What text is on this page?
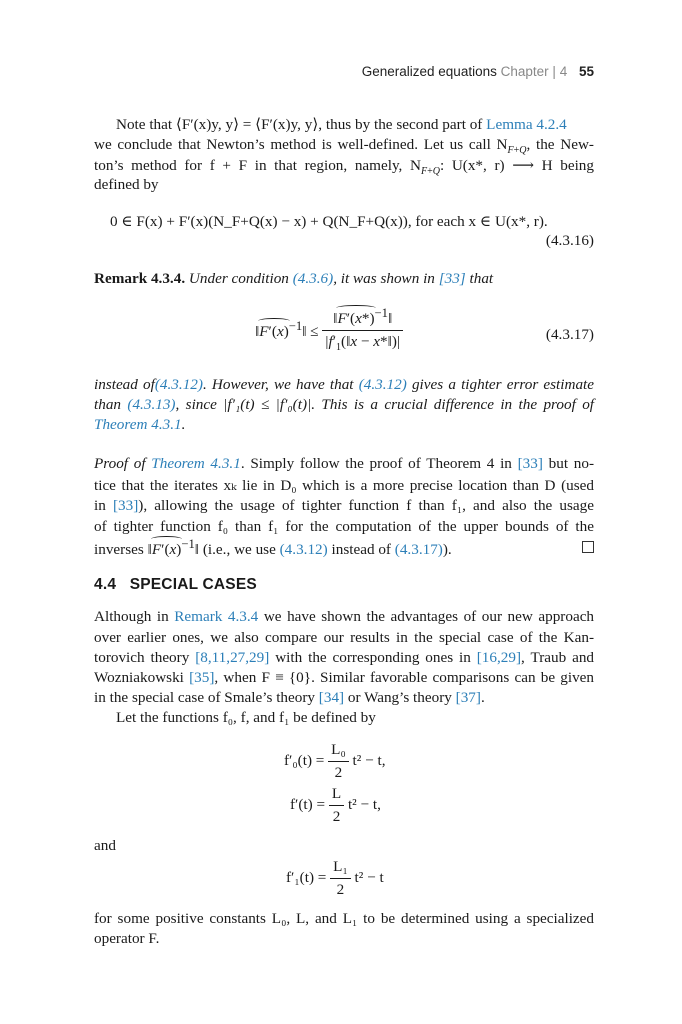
Generalized equations Chapter | 4 55
Note that ⟨F′(x)y, y⟩ = ⟨F′(x)y, y⟩, thus by the second part of Lemma 4.2.4
we conclude that Newton’s method is well-defined. Let us call $N_{F+Q}$, the New-
ton’s method for f + F in that region, namely, $N_{F+Q}$: U(x*, r) ⟶ H being
defined by
0 ∈ F(x) + F′(x)(N_F+Q(x) − x) + Q(N_F+Q(x)), for each x ∈ U(x*, r).
(4.3.16)
Remark 4.3.4. Under condition (4.3.6), it was shown in [33] that
$‖F'(x)^{-1}‖ \le \frac{‖F'(x*)^{-1}‖}{|f'_1(‖x - x*‖)|}$	(4.3.17)
instead of(4.3.12). However, we have that (4.3.12) gives a tighter error estimate
than (4.3.13), since |f′₁(t) ≤ |f′₀(t)|. This is a crucial difference in the proof of
Theorem 4.3.1.
Proof of Theorem 4.3.1. Simply follow the proof of Theorem 4 in [33] but no-
tice that the iterates xₖ lie in D₀ which is a more precise location than D (used
in [33]), allowing the usage of tighter function f than f₁, and also the usage
of tighter function f₀ than f₁ for the computation of the upper bounds of the
inverses $‖F'(x)^{-1}‖$ (i.e., we use (4.3.12) instead of (4.3.17)).
4.4 SPECIAL CASES
Although in Remark 4.3.4 we have shown the advantages of our new approach
over earlier ones, we also compare our results in the special case of the Kan-
torovich theory [8,11,27,29] with the corresponding ones in [16,29], Traub and
Wozniakowski [35], when F ≡ {0}. Similar favorable comparisons can be given
in the special case of Smale’s theory [34] or Wang’s theory [37].
Let the functions f₀, f, and f₁ be defined by
$f'_0(t) = \frac{\text{L₀}}{2} t^2 - t$,
$f'(t) = \frac{L}{2} t^2 - t$,
and
$f'_1(t) = \frac{\text{L₁}}{2} t^2 - t$
for some positive constants L₀, L, and L₁ to be determined using a specialized
operator F.
